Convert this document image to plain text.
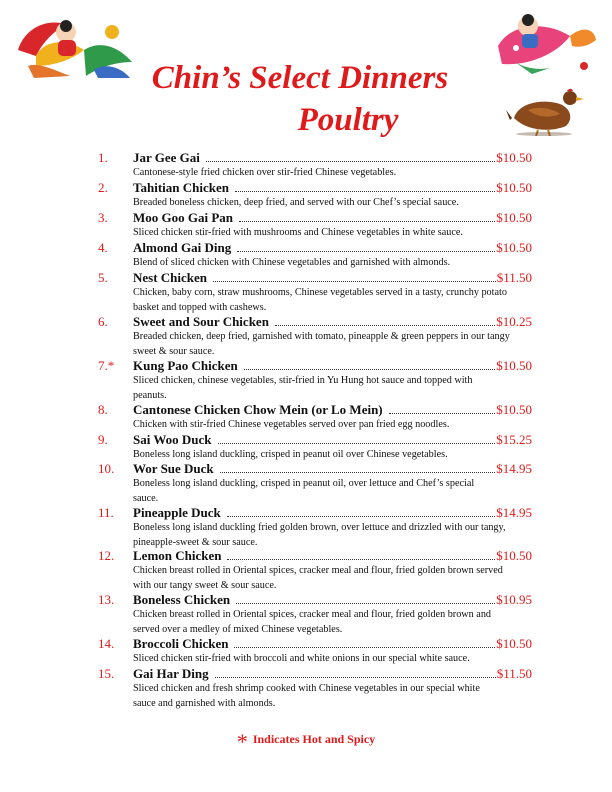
Chin’s Select Dinners
Poultry
1.	Jar Gee Gai	$10.50

Cantonese-style fried chicken over stir-fried Chinese vegetables.

2.	Tahitian Chicken	$10.50

Breaded boneless chicken, deep fried, and served with our Chef’s special sauce.

3.	Moo Goo Gai Pan	$10.50

Sliced chicken stir-fried with mushrooms and Chinese vegetables in white sauce.

4.	Almond Gai Ding	$10.50

Blend of sliced chicken with Chinese vegetables and garnished with almonds.

5.	Nest Chicken	$11.50

Chicken, baby corn, straw mushrooms, Chinese vegetables served in a tasty, crunchy potato basket and topped with cashews.

6.	Sweet and Sour Chicken	$10.25

Breaded chicken, deep fried, garnished with tomato, pineapple & green peppers in our tangy sweet & sour sauce.

7.*	Kung Pao Chicken	$10.50

Sliced chicken, chinese vegetables, stir-fried in Yu Hung hot sauce and topped with peanuts.

8.	Cantonese Chicken Chow Mein (or Lo Mein)	$10.50

Chicken with stir-fried Chinese vegetables served over pan fried egg noodles.

9.	Sai Woo Duck	$15.25

Boneless long island duckling, crisped in peanut oil over Chinese vegetables.

10.	Wor Sue Duck	$14.95

Boneless long island duckling, crisped in peanut oil, over lettuce and Chef’s special sauce.

11.	Pineapple Duck	$14.95

Boneless long island duckling fried golden brown, over lettuce and drizzled with our tangy, pineapple-sweet & sour sauce.

12.	Lemon Chicken	$10.50

Chicken breast rolled in Oriental spices, cracker meal and flour, fried golden brown served with our tangy sweet & sour sauce.

13.	Boneless Chicken	$10.95

Chicken breast rolled in Oriental spices, cracker meal and flour, fried golden brown and served over a medley of mixed Chinese vegetables.

14.	Broccoli Chicken	$10.50

Sliced chicken stir-fried with broccoli and white onions in our special white sauce.

15.	Gai Har Ding	$11.50

Sliced chicken and fresh shrimp cooked with Chinese vegetables in our special white sauce and garnished with almonds.

* Indicates Hot and Spicy
